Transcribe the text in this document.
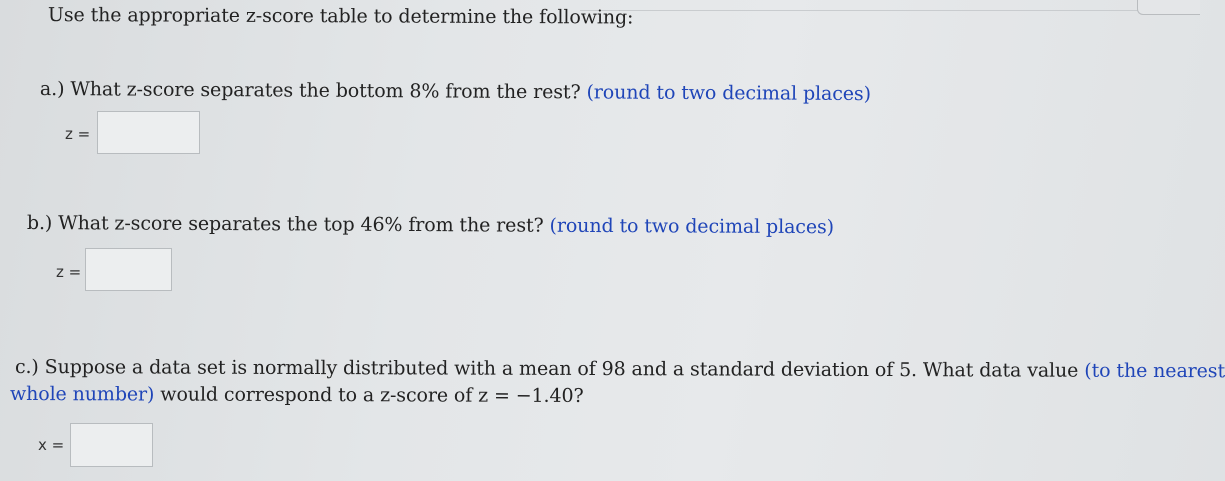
Use the appropriate z-score table to determine the following:
a.) What z-score separates the bottom 8% from the rest? (round to two decimal places)
z =
b.) What z-score separates the top 46% from the rest? (round to two decimal places)
z =
c.) Suppose a data set is normally distributed with a mean of 98 and a standard deviation of 5. What data value (to the nearest
whole number) would correspond to a z-score of z = −1.40?
x =
